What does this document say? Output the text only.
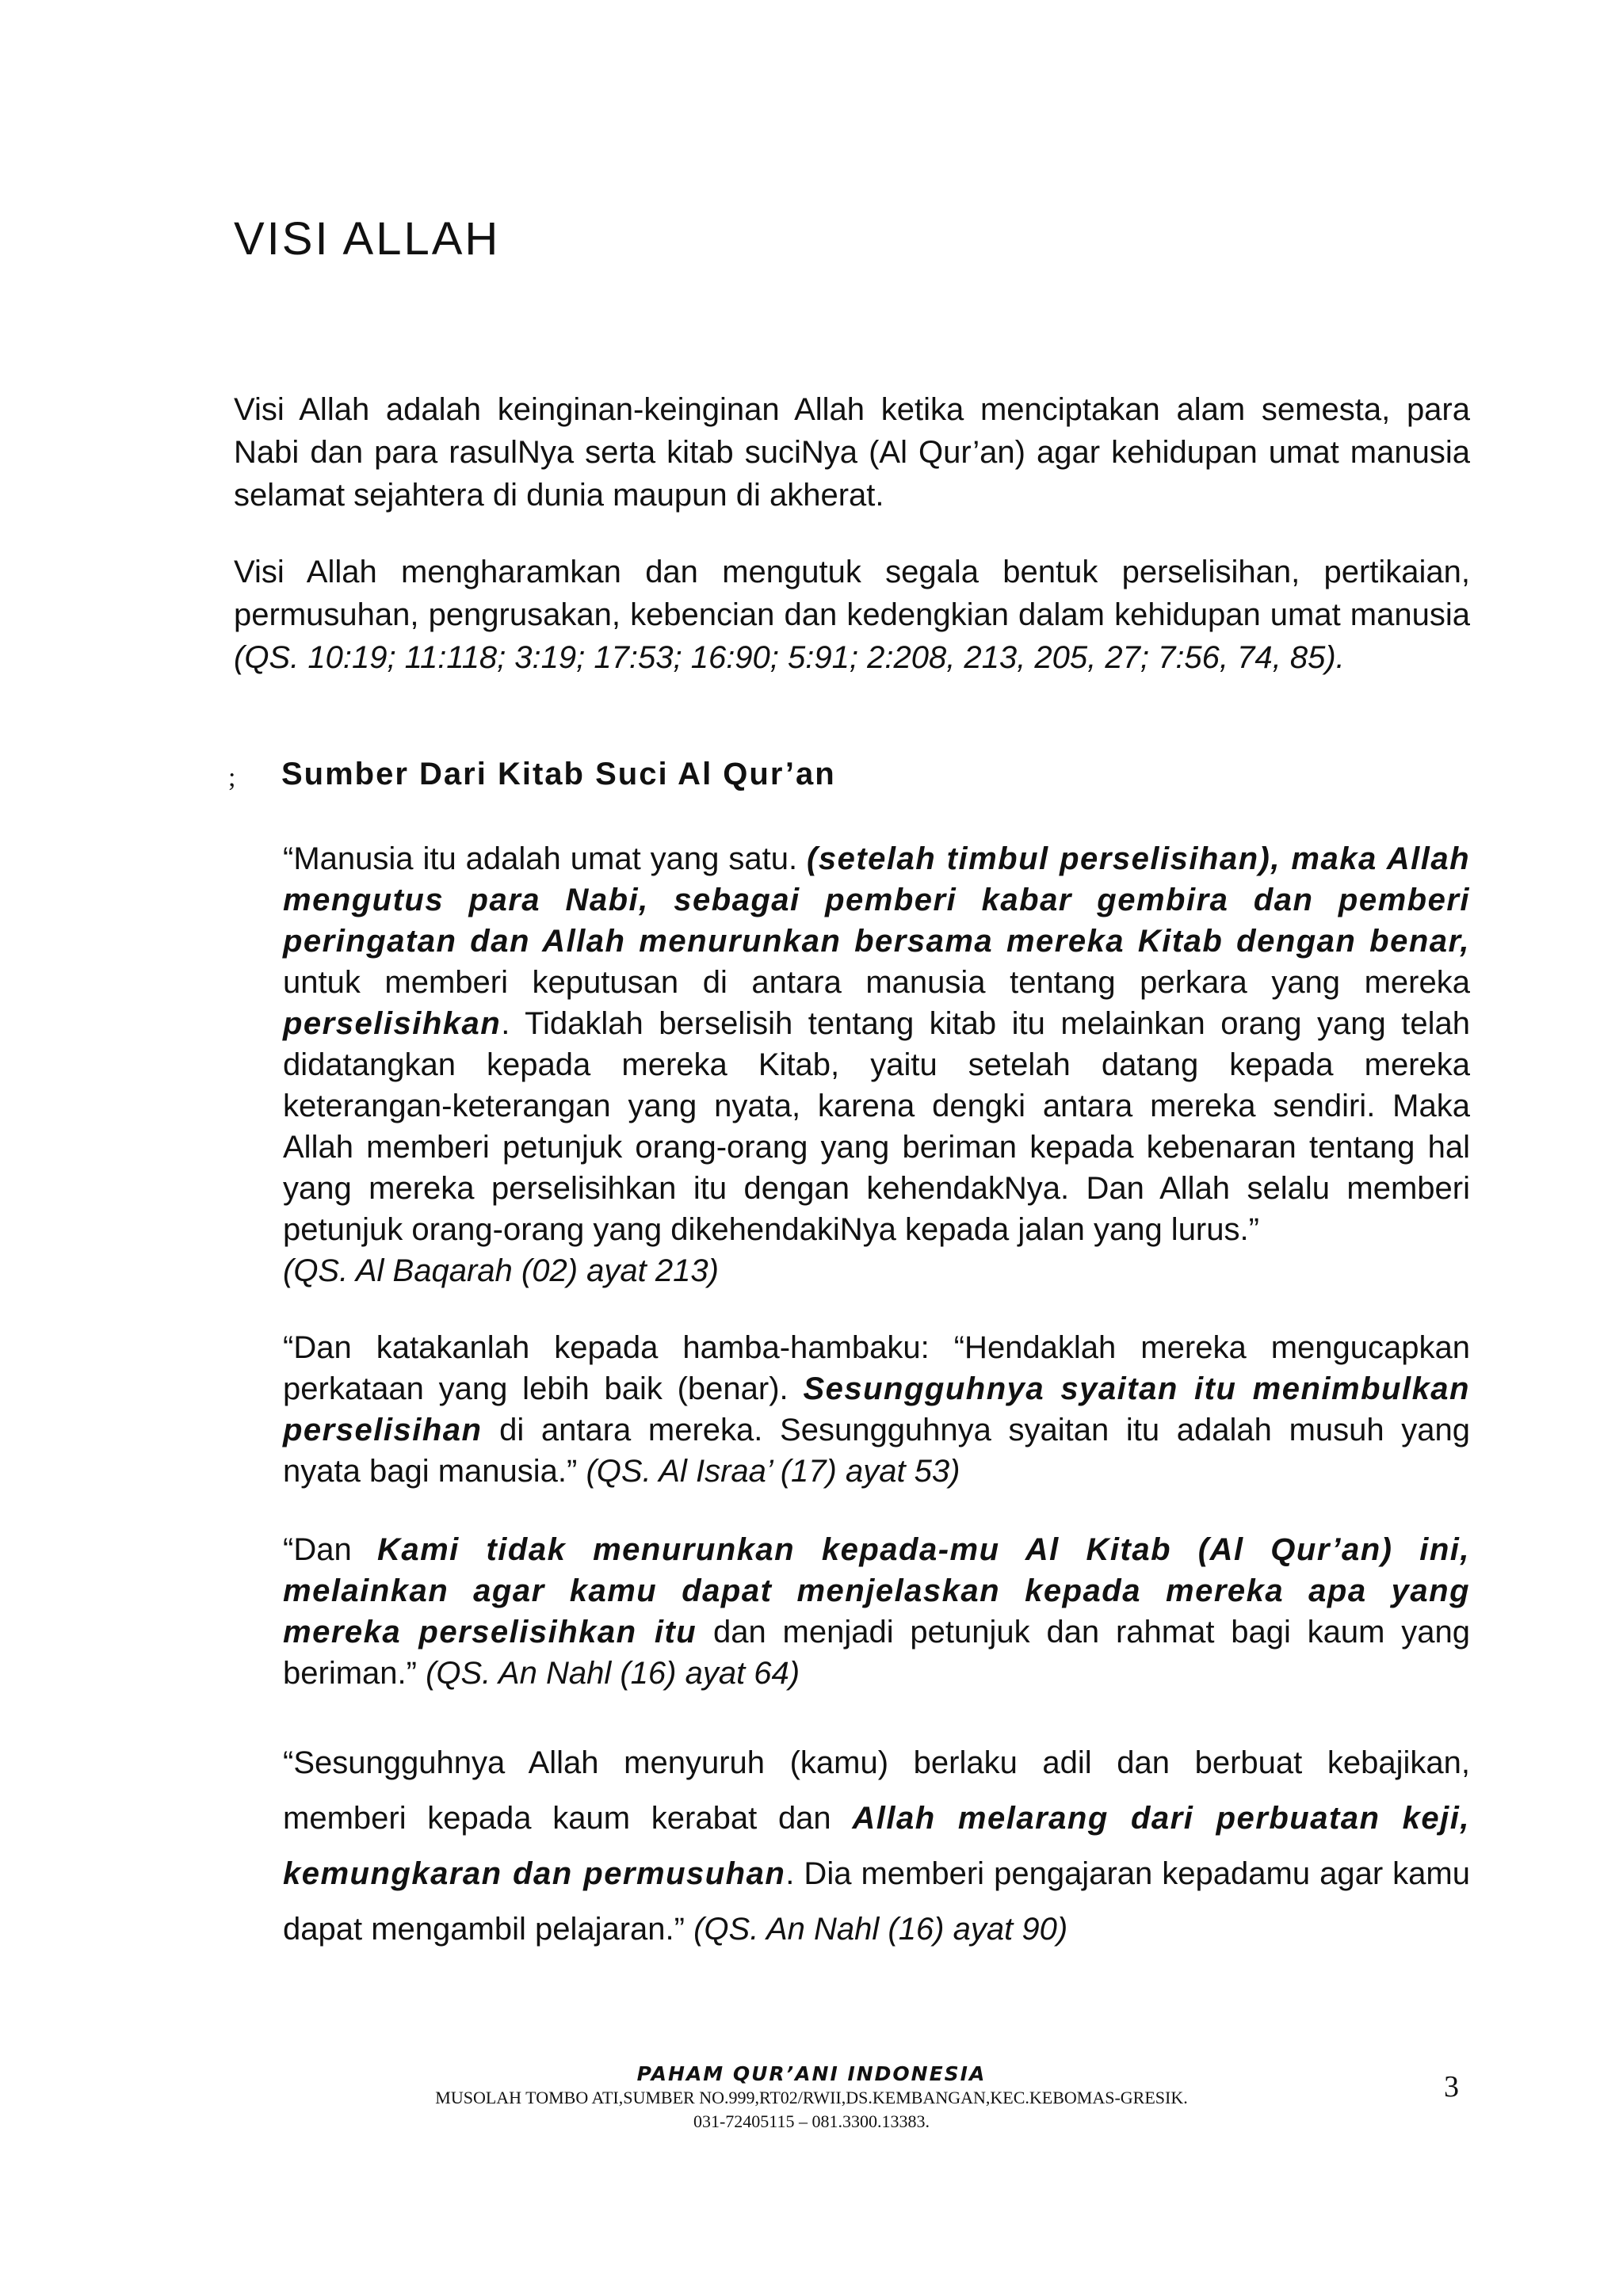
VISI ALLAH

Visi Allah adalah keinginan-keinginan Allah ketika menciptakan alam semesta, para Nabi dan para rasulNya serta kitab suciNya (Al Qur’an) agar kehidupan umat manusia selamat sejahtera di dunia maupun di akherat.

Visi Allah mengharamkan dan mengutuk segala bentuk perselisihan, pertikaian, permusuhan, pengrusakan, kebencian dan kedengkian dalam kehidupan umat manusia (QS. 10:19; 11:118; 3:19; 17:53; 16:90; 5:91; 2:208, 213, 205, 27; 7:56, 74, 85).

; Sumber Dari Kitab Suci Al Qur’an

“Manusia itu adalah umat yang satu. (setelah timbul perselisihan), maka Allah mengutus para Nabi, sebagai pemberi kabar gembira dan pemberi peringatan dan Allah menurunkan bersama mereka Kitab dengan benar, untuk memberi keputusan di antara manusia tentang perkara yang mereka perselisihkan. Tidaklah berselisih tentang kitab itu melainkan orang yang telah didatangkan kepada mereka Kitab, yaitu setelah datang kepada mereka keterangan-keterangan yang nyata, karena dengki antara mereka sendiri. Maka Allah memberi petunjuk orang-orang yang beriman kepada kebenaran tentang hal yang mereka perselisihkan itu dengan kehendakNya. Dan Allah selalu memberi petunjuk orang-orang yang dikehendakiNya kepada jalan yang lurus.”
(QS. Al Baqarah (02) ayat 213)

“Dan katakanlah kepada hamba-hambaku: “Hendaklah mereka mengucapkan perkataan yang lebih baik (benar). Sesungguhnya syaitan itu menimbulkan perselisihan di antara mereka. Sesungguhnya syaitan itu adalah musuh yang nyata bagi manusia.” (QS. Al Israa’ (17) ayat 53)

“Dan Kami tidak menurunkan kepada-mu Al Kitab (Al Qur’an) ini, melainkan agar kamu dapat menjelaskan kepada mereka apa yang mereka perselisihkan itu dan menjadi petunjuk dan rahmat bagi kaum yang beriman.” (QS. An Nahl (16) ayat 64)

“Sesungguhnya Allah menyuruh (kamu) berlaku adil dan berbuat kebajikan, memberi kepada kaum kerabat dan Allah melarang dari perbuatan keji, kemungkaran dan permusuhan. Dia memberi pengajaran kepadamu agar kamu dapat mengambil pelajaran.” (QS. An Nahl (16) ayat 90)

PAHAM QUR’ANI INDONESIA

MUSOLAH TOMBO ATI,SUMBER NO.999,RT02/RWII,DS.KEMBANGAN,KEC.KEBOMAS-GRESIK.

031-72405115 – 081.3300.13383.

3
